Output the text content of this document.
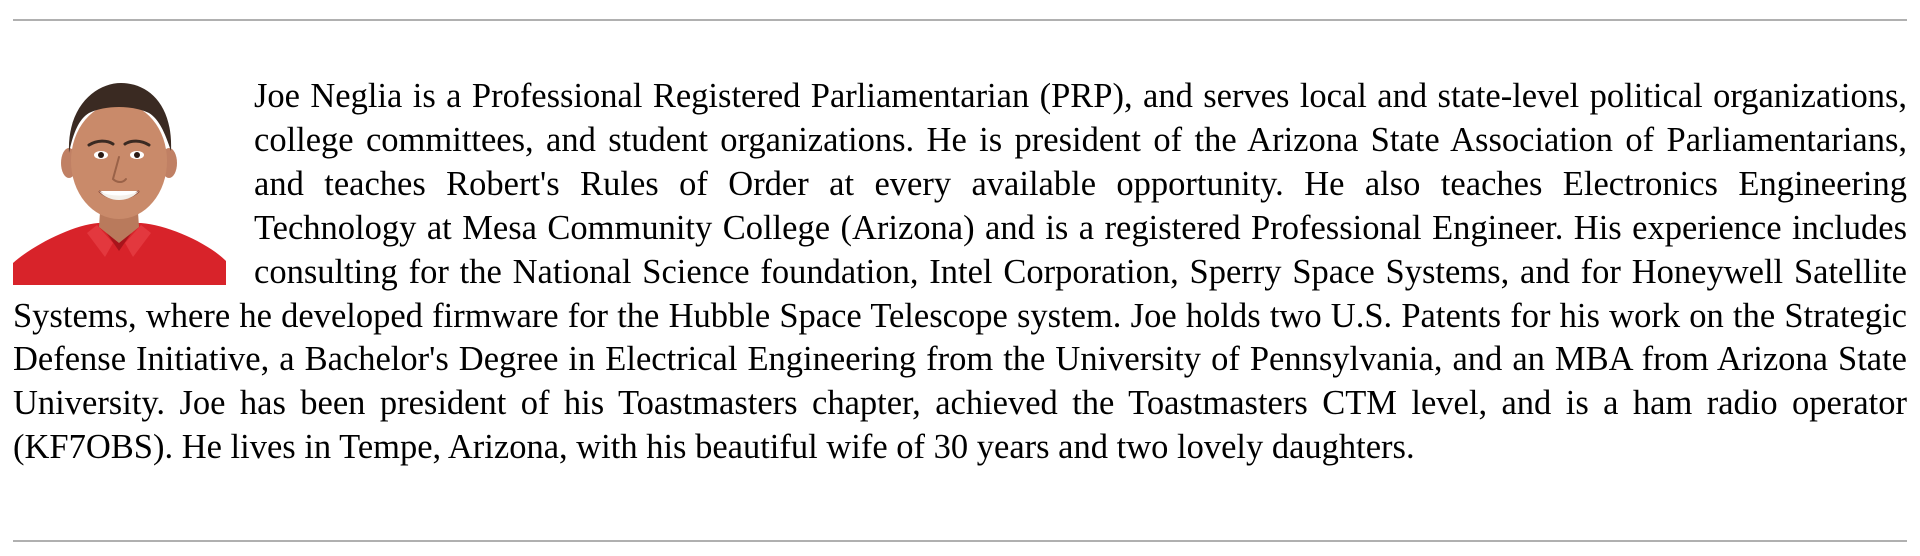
Joe Neglia is a Professional Registered Parliamentarian (PRP), and serves local and state-level political organizations, college committees, and student organizations. He is president of the Arizona State Association of Parliamentarians, and teaches Robert's Rules of Order at every available opportunity. He also teaches Electronics Engineering Technology at Mesa Community College (Arizona) and is a registered Professional Engineer. His experience includes consulting for the National Science foundation, Intel Corporation, Sperry Space Systems, and for Honeywell Satellite Systems, where he developed firmware for the Hubble Space Telescope system. Joe holds two U.S. Patents for his work on the Strategic Defense Initiative, a Bachelor's Degree in Electrical Engineering from the University of Pennsylvania, and an MBA from Arizona State University. Joe has been president of his Toastmasters chapter, achieved the Toastmasters CTM level, and is a ham radio operator (KF7OBS). He lives in Tempe, Arizona, with his beautiful wife of 30 years and two lovely daughters.
